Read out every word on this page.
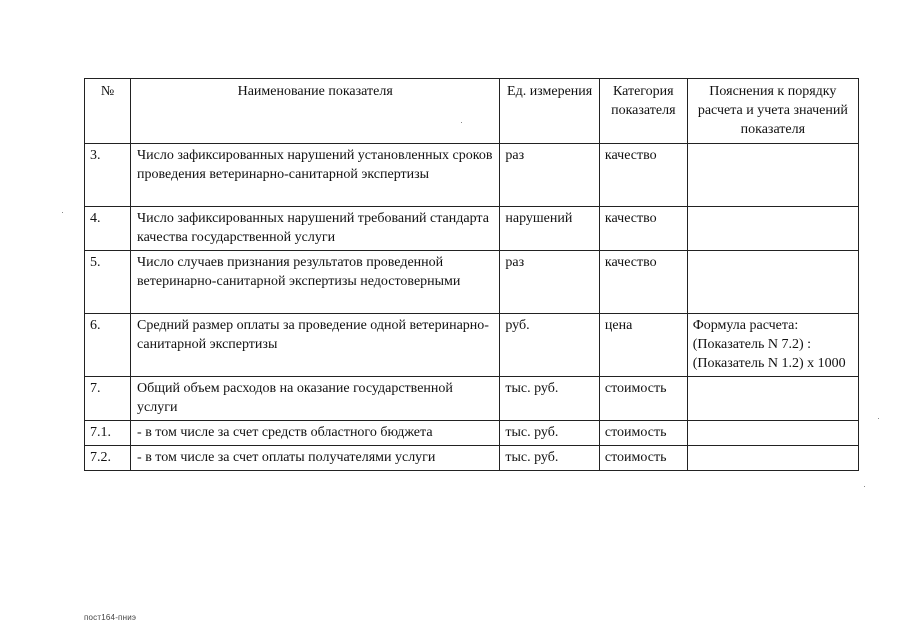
№	Наименование показателя	Ед. измерения	Категория показателя	Пояснения к порядку расчета и учета значений показателя
3.	Число зафиксированных нарушений установленных сроков проведения ветеринарно-санитарной экспертизы	раз	качество	
4.	Число зафиксированных нарушений требований стандарта качества государственной услуги	нарушений	качество	
5.	Число случаев признания результатов проведенной ветеринарно-санитарной экспертизы недостоверными	раз	качество	
6.	Средний размер оплаты за проведение одной ветеринарно-санитарной экспертизы	руб.	цена	Формула расчета: (Показатель N 7.2) : (Показатель N 1.2) x 1000
7.	Общий объем расходов на оказание государственной услуги	тыс. руб.	стоимость	
7.1.	- в том числе за счет средств областного бюджета	тыс. руб.	стоимость	
7.2.	- в том числе за счет оплаты получателями услуги	тыс. руб.	стоимость	
пост164-пниэ
